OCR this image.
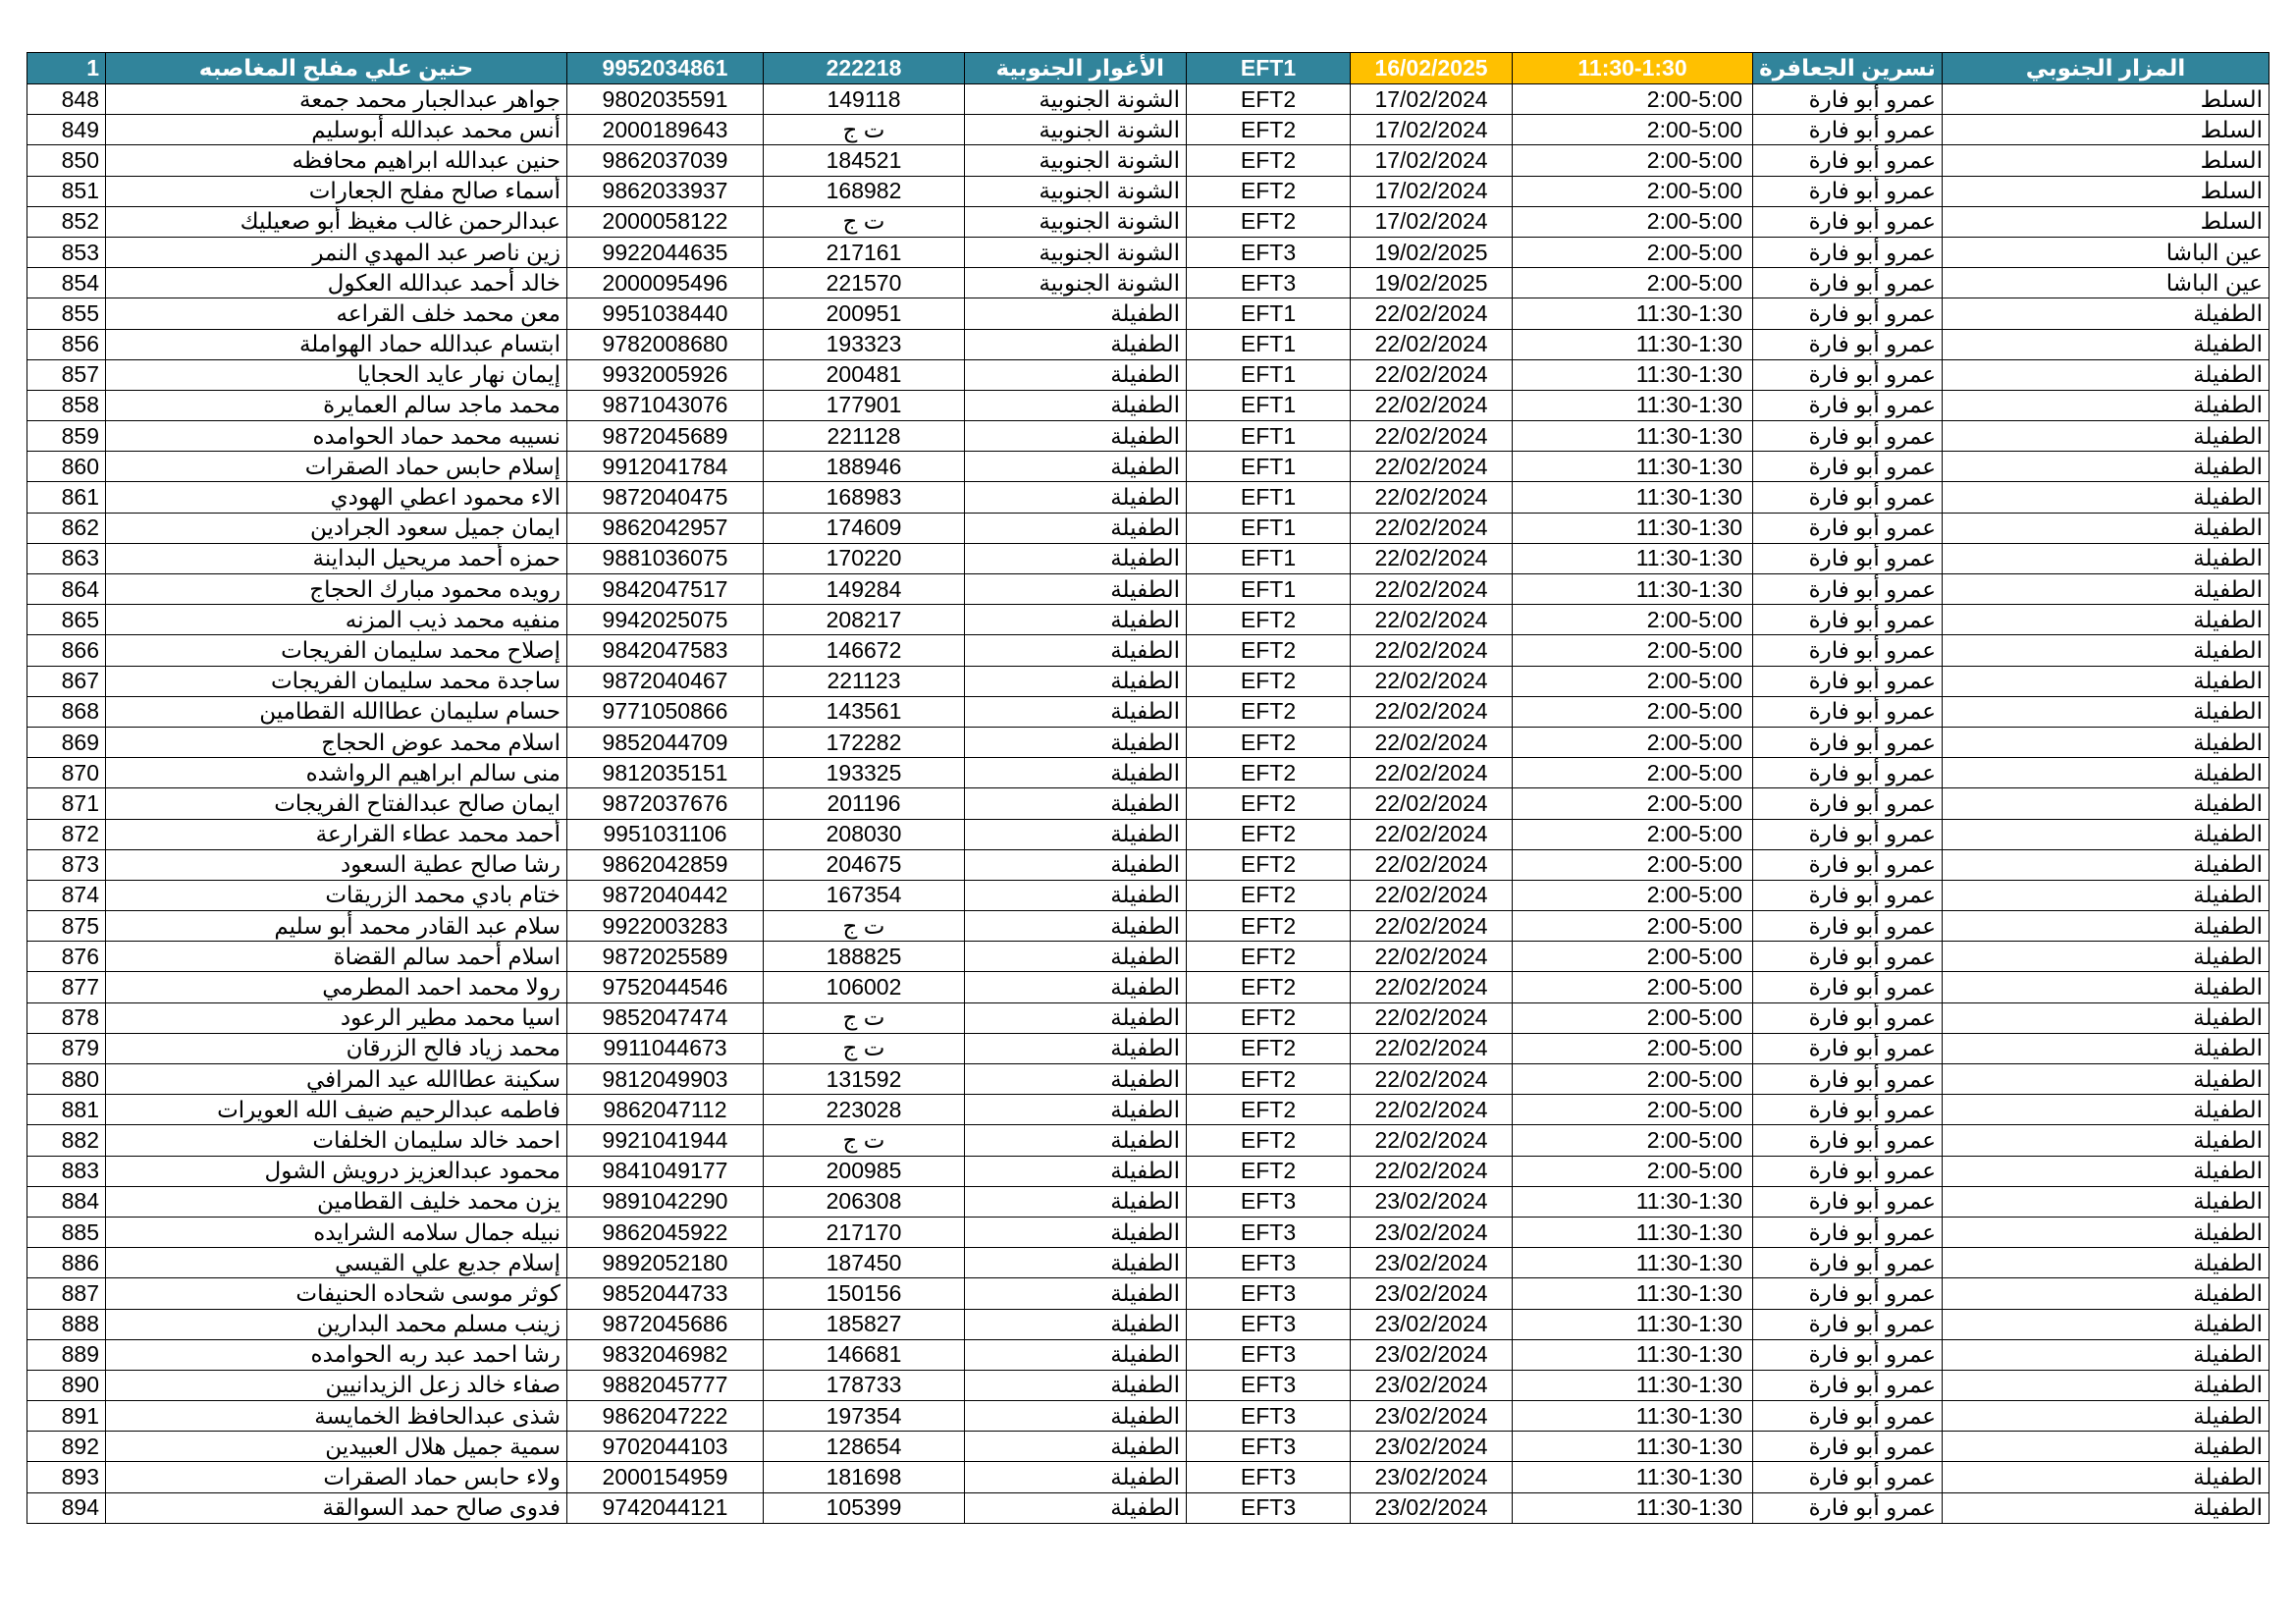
1	حنين علي مفلح المغاصبه	9952034861	222218	الأغوار الجنوبية	EFT1	16/02/2025	11:30-1:30	نسرين الجعافرة	المزار الجنوبي
848	جواهر عبدالجبار محمد جمعة	9802035591	149118	الشونة الجنوبية	EFT2	17/02/2024	2:00-5:00	عمرو أبو فارة	السلط
849	أنس محمد عبدالله أبوسليم	2000189643	ت ج	الشونة الجنوبية	EFT2	17/02/2024	2:00-5:00	عمرو أبو فارة	السلط
850	حنين عبدالله ابراهيم محافظه	9862037039	184521	الشونة الجنوبية	EFT2	17/02/2024	2:00-5:00	عمرو أبو فارة	السلط
851	أسماء صالح مفلح الجعارات	9862033937	168982	الشونة الجنوبية	EFT2	17/02/2024	2:00-5:00	عمرو أبو فارة	السلط
852	عبدالرحمن غالب مغيظ أبو صعيليك	2000058122	ت ج	الشونة الجنوبية	EFT2	17/02/2024	2:00-5:00	عمرو أبو فارة	السلط
853	زين ناصر عبد المهدي النمر	9922044635	217161	الشونة الجنوبية	EFT3	19/02/2025	2:00-5:00	عمرو أبو فارة	عين الباشا
854	خالد أحمد عبدالله العكول	2000095496	221570	الشونة الجنوبية	EFT3	19/02/2025	2:00-5:00	عمرو أبو فارة	عين الباشا
855	معن محمد خلف القراعه	9951038440	200951	الطفيلة	EFT1	22/02/2024	11:30-1:30	عمرو أبو فارة	الطفيلة
856	ابتسام عبدالله حماد الهواملة	9782008680	193323	الطفيلة	EFT1	22/02/2024	11:30-1:30	عمرو أبو فارة	الطفيلة
857	إيمان نهار عايد الحجايا	9932005926	200481	الطفيلة	EFT1	22/02/2024	11:30-1:30	عمرو أبو فارة	الطفيلة
858	محمد ماجد سالم العمايرة	9871043076	177901	الطفيلة	EFT1	22/02/2024	11:30-1:30	عمرو أبو فارة	الطفيلة
859	نسيبه محمد حماد الحوامده	9872045689	221128	الطفيلة	EFT1	22/02/2024	11:30-1:30	عمرو أبو فارة	الطفيلة
860	إسلام حابس حماد الصقرات	9912041784	188946	الطفيلة	EFT1	22/02/2024	11:30-1:30	عمرو أبو فارة	الطفيلة
861	الاء محمود اعطي الهودي	9872040475	168983	الطفيلة	EFT1	22/02/2024	11:30-1:30	عمرو أبو فارة	الطفيلة
862	ايمان جميل سعود الجرادين	9862042957	174609	الطفيلة	EFT1	22/02/2024	11:30-1:30	عمرو أبو فارة	الطفيلة
863	حمزه أحمد مريحيل البداينة	9881036075	170220	الطفيلة	EFT1	22/02/2024	11:30-1:30	عمرو أبو فارة	الطفيلة
864	رويده محمود مبارك الحجاج	9842047517	149284	الطفيلة	EFT1	22/02/2024	11:30-1:30	عمرو أبو فارة	الطفيلة
865	منفيه محمد ذيب المزنه	9942025075	208217	الطفيلة	EFT2	22/02/2024	2:00-5:00	عمرو أبو فارة	الطفيلة
866	إصلاح محمد سليمان الفريجات	9842047583	146672	الطفيلة	EFT2	22/02/2024	2:00-5:00	عمرو أبو فارة	الطفيلة
867	ساجدة محمد سليمان الفريجات	9872040467	221123	الطفيلة	EFT2	22/02/2024	2:00-5:00	عمرو أبو فارة	الطفيلة
868	حسام سليمان عطاالله القطامين	9771050866	143561	الطفيلة	EFT2	22/02/2024	2:00-5:00	عمرو أبو فارة	الطفيلة
869	اسلام محمد عوض الحجاج	9852044709	172282	الطفيلة	EFT2	22/02/2024	2:00-5:00	عمرو أبو فارة	الطفيلة
870	منى سالم ابراهيم الرواشده	9812035151	193325	الطفيلة	EFT2	22/02/2024	2:00-5:00	عمرو أبو فارة	الطفيلة
871	ايمان صالح عبدالفتاح الفريجات	9872037676	201196	الطفيلة	EFT2	22/02/2024	2:00-5:00	عمرو أبو فارة	الطفيلة
872	أحمد محمد عطاء القرارعة	9951031106	208030	الطفيلة	EFT2	22/02/2024	2:00-5:00	عمرو أبو فارة	الطفيلة
873	رشا صالح عطية السعود	9862042859	204675	الطفيلة	EFT2	22/02/2024	2:00-5:00	عمرو أبو فارة	الطفيلة
874	ختام بادي محمد الزريقات	9872040442	167354	الطفيلة	EFT2	22/02/2024	2:00-5:00	عمرو أبو فارة	الطفيلة
875	سلام عبد القادر محمد أبو سليم	9922003283	ت ج	الطفيلة	EFT2	22/02/2024	2:00-5:00	عمرو أبو فارة	الطفيلة
876	اسلام أحمد سالم القضاة	9872025589	188825	الطفيلة	EFT2	22/02/2024	2:00-5:00	عمرو أبو فارة	الطفيلة
877	رولا محمد احمد المطرمي	9752044546	106002	الطفيلة	EFT2	22/02/2024	2:00-5:00	عمرو أبو فارة	الطفيلة
878	اسيا محمد مطير الرعود	9852047474	ت ج	الطفيلة	EFT2	22/02/2024	2:00-5:00	عمرو أبو فارة	الطفيلة
879	محمد زياد فالح الزرقان	9911044673	ت ج	الطفيلة	EFT2	22/02/2024	2:00-5:00	عمرو أبو فارة	الطفيلة
880	سكينة عطاالله عيد المرافي	9812049903	131592	الطفيلة	EFT2	22/02/2024	2:00-5:00	عمرو أبو فارة	الطفيلة
881	فاطمه عبدالرحيم ضيف الله العويرات	9862047112	223028	الطفيلة	EFT2	22/02/2024	2:00-5:00	عمرو أبو فارة	الطفيلة
882	احمد خالد سليمان الخلفات	9921041944	ت ج	الطفيلة	EFT2	22/02/2024	2:00-5:00	عمرو أبو فارة	الطفيلة
883	محمود عبدالعزيز درويش الشول	9841049177	200985	الطفيلة	EFT2	22/02/2024	2:00-5:00	عمرو أبو فارة	الطفيلة
884	يزن محمد خليف القطامين	9891042290	206308	الطفيلة	EFT3	23/02/2024	11:30-1:30	عمرو أبو فارة	الطفيلة
885	نبيله جمال سلامه الشرايده	9862045922	217170	الطفيلة	EFT3	23/02/2024	11:30-1:30	عمرو أبو فارة	الطفيلة
886	إسلام جديع علي القيسي	9892052180	187450	الطفيلة	EFT3	23/02/2024	11:30-1:30	عمرو أبو فارة	الطفيلة
887	كوثر موسى شحاده الحنيفات	9852044733	150156	الطفيلة	EFT3	23/02/2024	11:30-1:30	عمرو أبو فارة	الطفيلة
888	زينب مسلم محمد البدارين	9872045686	185827	الطفيلة	EFT3	23/02/2024	11:30-1:30	عمرو أبو فارة	الطفيلة
889	رشا احمد عبد ربه الحوامده	9832046982	146681	الطفيلة	EFT3	23/02/2024	11:30-1:30	عمرو أبو فارة	الطفيلة
890	صفاء خالد زعل الزيدانيين	9882045777	178733	الطفيلة	EFT3	23/02/2024	11:30-1:30	عمرو أبو فارة	الطفيلة
891	شذى عبدالحافظ الخمايسة	9862047222	197354	الطفيلة	EFT3	23/02/2024	11:30-1:30	عمرو أبو فارة	الطفيلة
892	سمية جميل هلال العبيدين	9702044103	128654	الطفيلة	EFT3	23/02/2024	11:30-1:30	عمرو أبو فارة	الطفيلة
893	ولاء حابس حماد الصقرات	2000154959	181698	الطفيلة	EFT3	23/02/2024	11:30-1:30	عمرو أبو فارة	الطفيلة
894	فدوى صالح حمد السوالقة	9742044121	105399	الطفيلة	EFT3	23/02/2024	11:30-1:30	عمرو أبو فارة	الطفيلة
